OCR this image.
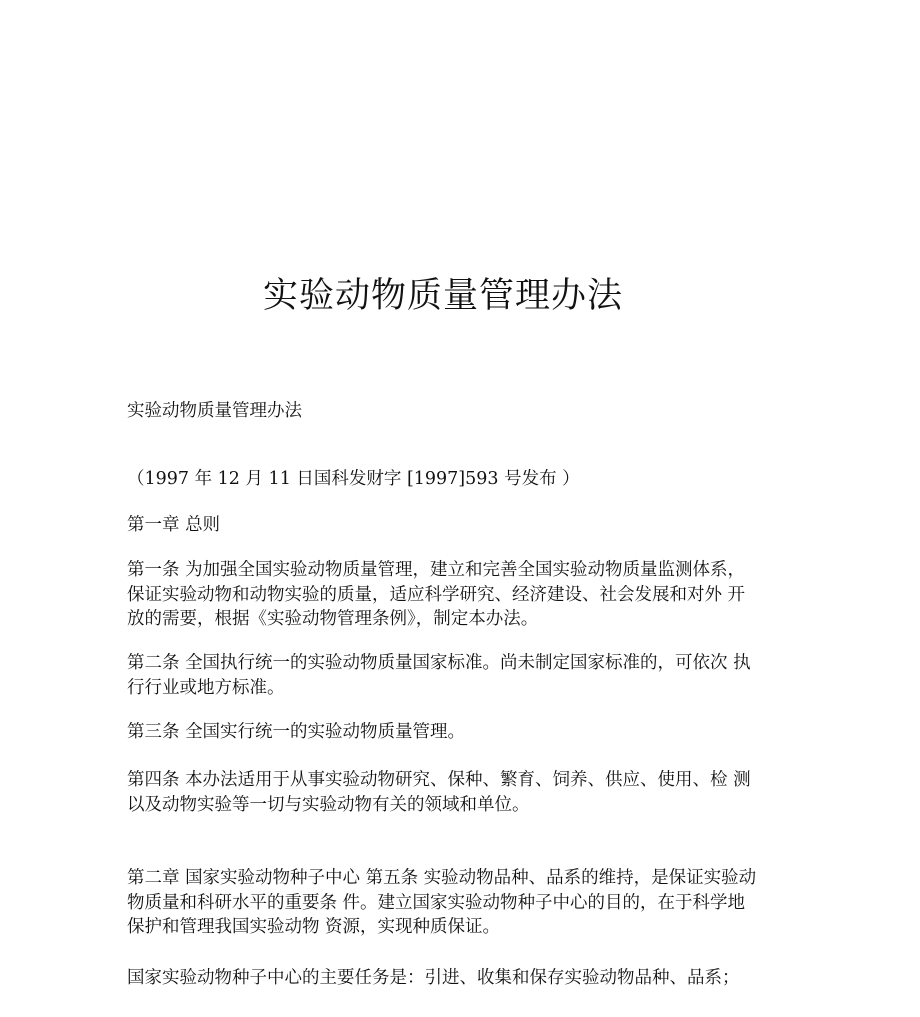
实验动物质量管理办法

实验动物质量管理办法

（1997 年 12 月 11 日国科发财字 [1997]593 号发布 ）

第一章 总则

第一条 为加强全国实验动物质量管理，建立和完善全国实验动物质量监测体系， 保证实验动物和动物实验的质量，适应科学研究、经济建设、社会发展和对外 开放的需要，根据《实验动物管理条例》，制定本办法。

第二条 全国执行统一的实验动物质量国家标准。尚未制定国家标准的，可依次 执行行业或地方标准。

第三条 全国实行统一的实验动物质量管理。

第四条 本办法适用于从事实验动物研究、保种、繁育、饲养、供应、使用、检 测以及动物实验等一切与实验动物有关的领域和单位。

第二章 国家实验动物种子中心 第五条 实验动物品种、品系的维持，是保证实验动物质量和科研水平的重要条 件。建立国家实验动物种子中心的目的，在于科学地保护和管理我国实验动物 资源，实现种质保证。

国家实验动物种子中心的主要任务是：引进、收集和保存实验动物品种、品系；
